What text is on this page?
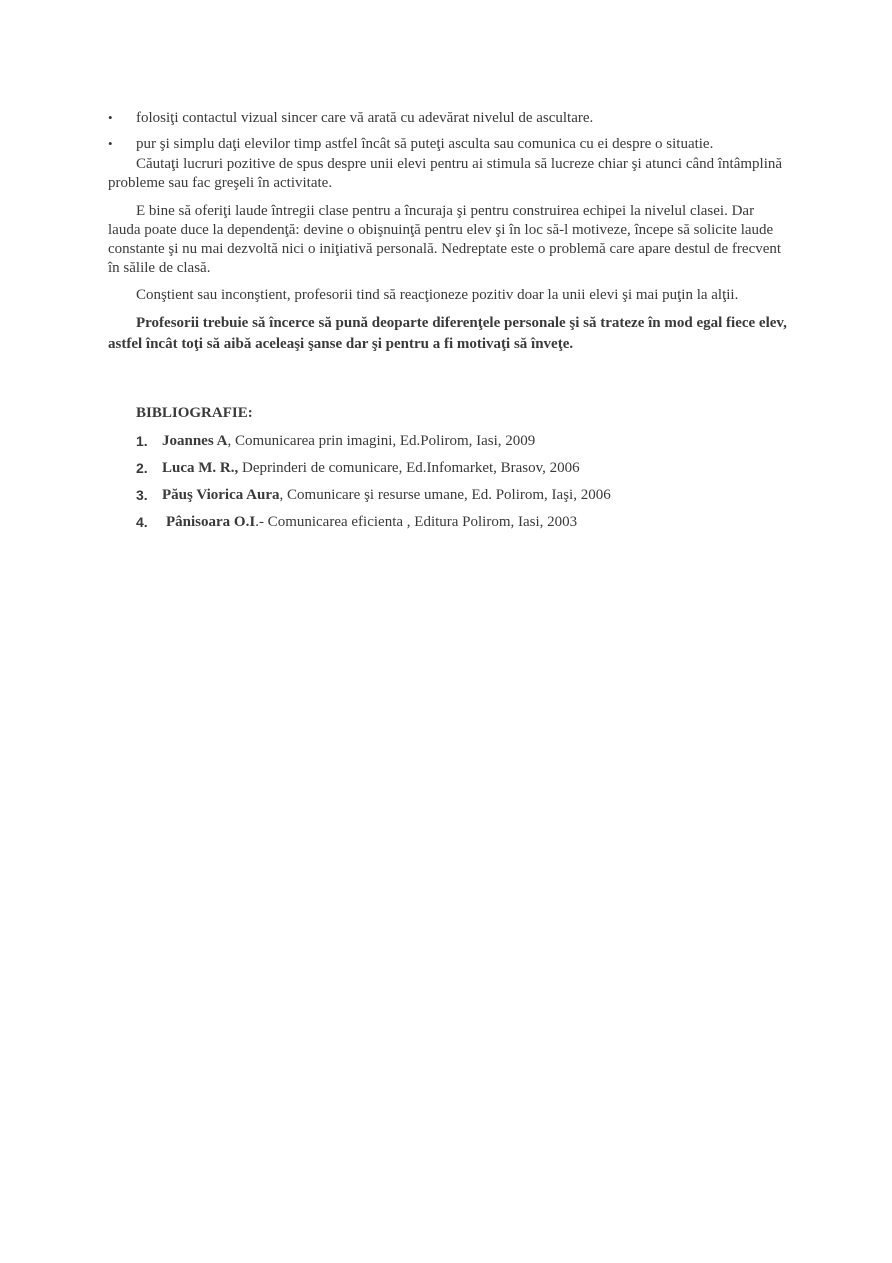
•	folosiţi contactul vizual sincer care vă arată cu adevărat nivelul de ascultare.
•	pur şi simplu daţi elevilor timp astfel încât să puteţi asculta sau comunica cu ei despre o situatie.

Căutaţi lucruri pozitive de spus despre unii elevi pentru ai stimula să lucreze chiar şi atunci când întâmplină probleme sau fac greşeli în activitate.

E bine să oferiţi laude întregii clase pentru a încuraja şi pentru construirea echipei la nivelul clasei. Dar lauda poate duce la dependenţă: devine o obişnuinţă pentru elev şi în loc să-l motiveze, începe să solicite laude constante şi nu mai dezvoltă nici o iniţiativă personală. Nedreptate este o problemă care apare destul de frecvent în sălile de clasă.

Conştient sau inconştient, profesorii tind să reacţioneze pozitiv doar la unii elevi şi mai puţin la alţii.

Profesorii trebuie să încerce să pună deoparte diferenţele personale şi să trateze în mod egal fiece elev, astfel încât toţi să aibă aceleaşi şanse dar şi pentru a fi motivaţi să înveţe.

BIBLIOGRAFIE:
1. Joannes A, Comunicarea prin imagini, Ed.Polirom, Iasi, 2009
2. Luca M. R., Deprinderi de comunicare, Ed.Infomarket, Brasov, 2006
3. Păuş Viorica Aura, Comunicare şi resurse umane, Ed. Polirom, Iaşi, 2006
4. Pânisoara O.I.- Comunicarea eficienta , Editura Polirom, Iasi, 2003
